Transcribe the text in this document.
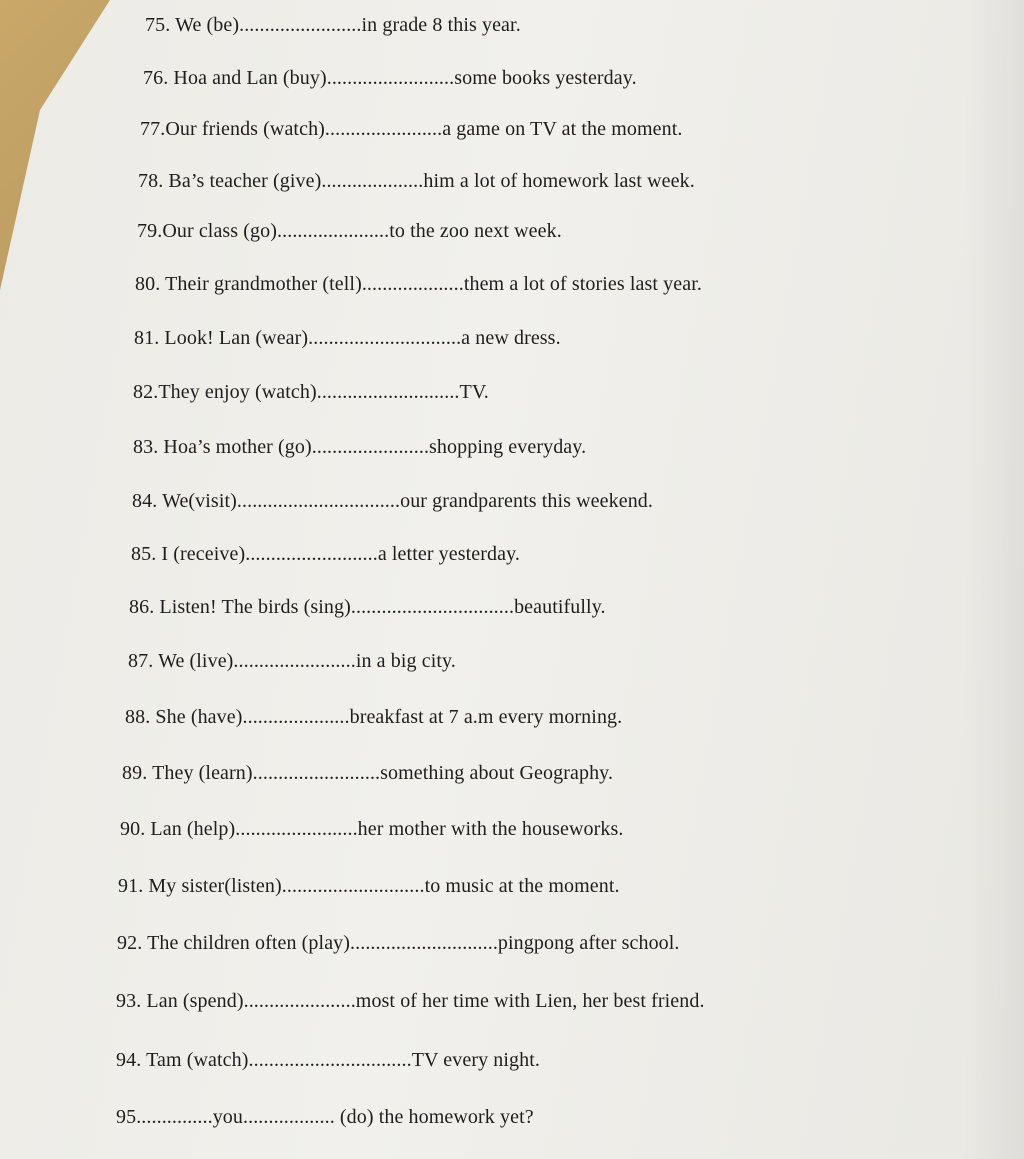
75. We (be)........................in grade 8 this year.
76. Hoa and Lan (buy).........................some books yesterday.
77.Our friends (watch).......................a game on TV at the moment.
78. Ba’s teacher (give)....................him a lot of homework last week.
79.Our class (go)......................to the zoo next week.
80. Their grandmother (tell)....................them a lot of stories last year.
81. Look! Lan (wear)..............................a new dress.
82.They enjoy (watch)............................TV.
83. Hoa’s mother (go).......................shopping everyday.
84. We(visit)................................our grandparents this weekend.
85. I (receive)..........................a letter yesterday.
86. Listen! The birds (sing)................................beautifully.
87. We (live)........................in a big city.
88. She (have).....................breakfast at 7 a.m every morning.
89. They (learn).........................something about Geography.
90. Lan (help)........................her mother with the houseworks.
91. My sister(listen)............................to music at the moment.
92. The children often (play).............................pingpong after school.
93. Lan (spend)......................most of her time with Lien, her best friend.
94. Tam (watch)................................TV every night.
95...............you.................. (do) the homework yet?
